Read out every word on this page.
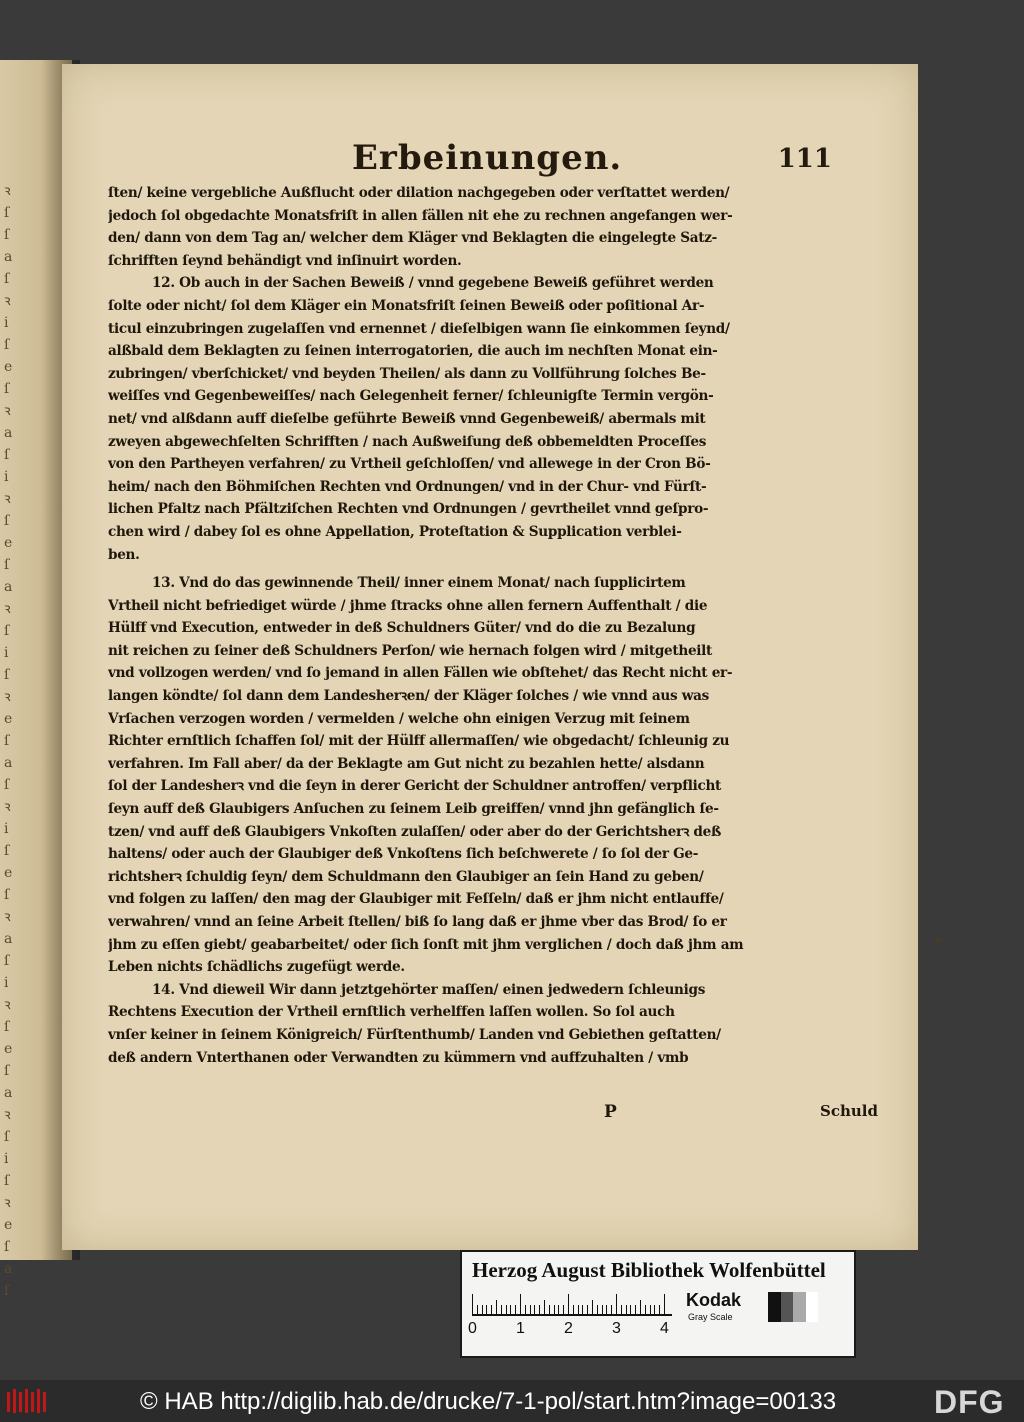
ꝛ
ſ
ſ
a
ſ
ꝛ
i
ſ
e
ſ
ꝛ
a
ſ
i
ꝛ
ſ
e
ſ
a
ꝛ
ſ
i
ſ
ꝛ
e
ſ
a
ſ
ꝛ
i
ſ
e
ſ
ꝛ
a
ſ
i
ꝛ
ſ
e
ſ
a
ꝛ
ſ
i
ſ
ꝛ
e
ſ
a
ſ
Erbeinungen.	111
ſten/ keine vergebliche Außflucht oder dilation nachgegeben oder verſtattet werden/
jedoch ſol obgedachte Monatsfriſt in allen fällen nit ehe zu rechnen angefangen wer-
den/ dann von dem Tag an/ welcher dem Kläger vnd Beklagten die eingelegte Satz-
ſchrifften ſeynd behändigt vnd inſinuirt worden.
12. Ob auch in der Sachen Beweiß / vnnd gegebene Beweiß geführet werden
ſolte oder nicht/ ſol dem Kläger ein Monatsfriſt ſeinen Beweiß oder poſitional Ar-
ticul einzubringen zugelaſſen vnd ernennet / dieſelbigen wann ſie einkommen ſeynd/
alßbald dem Beklagten zu ſeinen interrogatorien, die auch im nechſten Monat ein-
zubringen/ vberſchicket/ vnd beyden Theilen/ als dann zu Vollführung ſolches Be-
weiſſes vnd Gegenbeweiſſes/ nach Gelegenheit ferner/ ſchleunigſte Termin vergön-
net/ vnd alßdann auff dieſelbe geführte Beweiß vnnd Gegenbeweiß/ abermals mit
zweyen abgewechſelten Schrifften / nach Außweiſung deß obbemeldten Proceſſes
von den Partheyen verfahren/ zu Vrtheil geſchloſſen/ vnd allewege in der Cron Bö-
heim/ nach den Böhmiſchen Rechten vnd Ordnungen/ vnd in der Chur- vnd Fürſt-
lichen Pfaltz nach Pfältziſchen Rechten vnd Ordnungen / gevrtheilet vnnd geſpro-
chen wird / dabey ſol es ohne Appellation, Proteſtation & Supplication verblei-
ben.
13. Vnd do das gewinnende Theil/ inner einem Monat/ nach ſupplicirtem
Vrtheil nicht befriediget würde / jhme ſtracks ohne allen fernern Auffenthalt / die
Hülff vnd Execution, entweder in deß Schuldners Güter/ vnd do die zu Bezalung
nit reichen zu ſeiner deß Schuldners Perſon/ wie hernach folgen wird / mitgetheilt
vnd vollzogen werden/ vnd ſo jemand in allen Fällen wie obſtehet/ das Recht nicht er-
langen köndte/ ſol dann dem Landesherꝛen/ der Kläger ſolches / wie vnnd aus was
Vrſachen verzogen worden / vermelden / welche ohn einigen Verzug mit ſeinem
Richter ernſtlich ſchaffen ſol/ mit der Hülff allermaſſen/ wie obgedacht/ ſchleunig zu
verfahren. Im Fall aber/ da der Beklagte am Gut nicht zu bezahlen hette/ alsdann
ſol der Landesherꝛ vnd die ſeyn in derer Gericht der Schuldner antroffen/ verpflicht
ſeyn auff deß Glaubigers Anſuchen zu ſeinem Leib greiffen/ vnnd jhn gefänglich ſe-
tzen/ vnd auff deß Glaubigers Vnkoſten zulaſſen/ oder aber do der Gerichtsherꝛ deß
haltens/ oder auch der Glaubiger deß Vnkoſtens ſich beſchwerete / ſo ſol der Ge-
richtsherꝛ ſchuldig ſeyn/ dem Schuldmann den Glaubiger an ſein Hand zu geben/
vnd folgen zu laſſen/ den mag der Glaubiger mit Feſſeln/ daß er jhm nicht entlauffe/
verwahren/ vnnd an ſeine Arbeit ſtellen/ biß ſo lang daß er jhme vber das Brod/ ſo er
jhm zu eſſen giebt/ geabarbeitet/ oder ſich ſonſt mit jhm verglichen / doch daß jhm am
Leben nichts ſchädlichs zugefügt werde.
14. Vnd dieweil Wir dann jetztgehörter maſſen/ einen jedwedern ſchleunigs
Rechtens Execution der Vrtheil ernſtlich verhelffen laſſen wollen. So ſol auch
vnſer keiner in ſeinem Königreich/ Fürſtenthumb/ Landen vnd Gebiethen geſtatten/
deß andern Vnterthanen oder Verwandten zu kümmern vnd auffzuhalten / vmb
P	Schuld
Herzog August Bibliothek Wolfenbüttel
0 1 2 3 4
Kodak
Gray Scale
© HAB http://diglib.hab.de/drucke/7-1-pol/start.htm?image=00133	DFG
